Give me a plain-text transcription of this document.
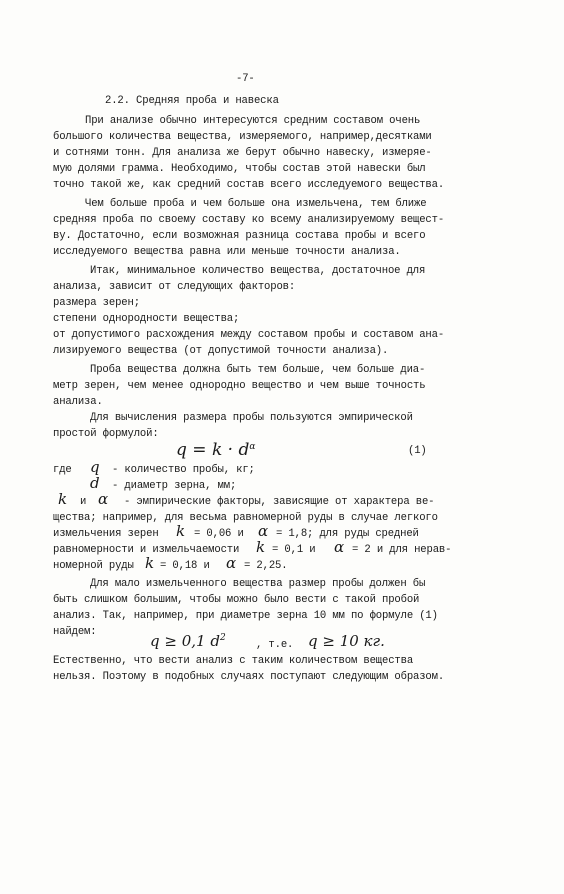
-7-
2.2. Средняя проба и навеска
При анализе обычно интересуются средним составом очень
большого количества вещества, измеряемого, например,десятками
и сотнями тонн. Для анализа же берут обычно навеску, измеряе-
мую долями грамма. Необходимо, чтобы состав этой навески был
точно такой же, как средний состав всего исследуемого вещества.
Чем больше проба и чем больше она измельчена, тем ближе
средняя проба по своему составу ко всему анализируемому вещест-
ву. Достаточно, если возможная разница состава пробы и всего
исследуемого вещества равна или меньше точности анализа.
Итак, минимальное количество вещества, достаточное для
анализа, зависит от следующих факторов:
размера зерен;
степени однородности вещества;
от допустимого расхождения между составом пробы и составом ана-
лизируемого вещества (от допустимой точности анализа).
Проба вещества должна быть тем больше, чем больше диа-
метр зерен, чем менее однородно вещество и чем выше точность
анализа.
Для вычисления размера пробы пользуются эмпирической
простой формулой:
$q = k \cdot d^\alpha$	(1)
где q - количество пробы, кг;
d - диаметр зерна, мм;
k и α - эмпирические факторы, зависящие от характера ве-
щества; например, для весьма равномерной руды в случае легкого
измельчения зерен k = 0,06 и α = 1,8; для руды средней
равномерности и измельчаемости k = 0,1 и α = 2 и для нерав-
номерной руды k = 0,18 и α = 2,25.
Для мало измельченного вещества размер пробы должен бы
быть слишком большим, чтобы можно было вести с такой пробой
анализ. Так, например, при диаметре зерна 10 мм по формуле (1)
найдем:	q ≥ 0,1 $d^2$
, т.е. q ≥ 10 кг.
Естественно, что вести анализ с таким количеством вещества
нельзя. Поэтому в подобных случаях поступают следующим образом.
